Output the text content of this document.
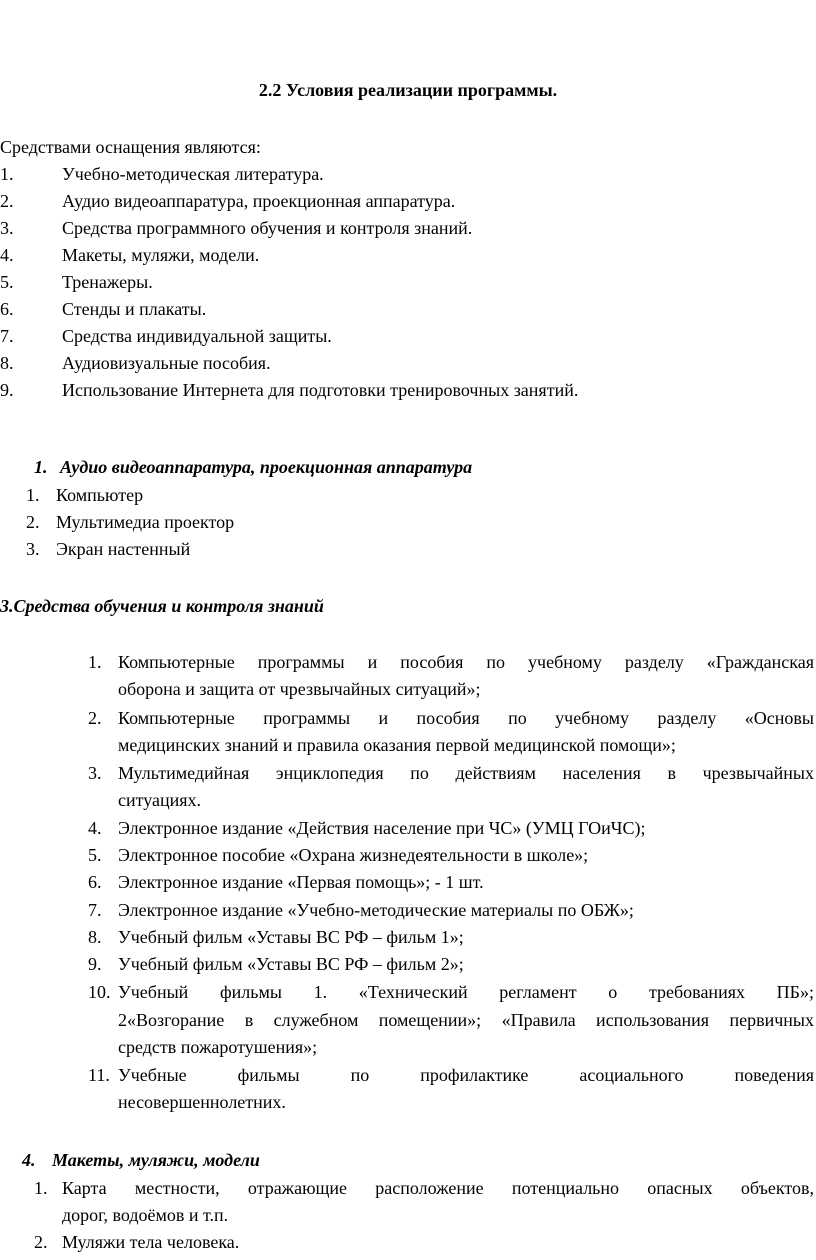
2.2 Условия реализации программы.
Средствами оснащения являются:
1.	Учебно-методическая литература.
2.	Аудио видеоаппаратура, проекционная аппаратура.
3.	Средства программного обучения и контроля знаний.
4.	Макеты, муляжи, модели.
5.	Тренажеры.
6.	Стенды и плакаты.
7.	Средства индивидуальной защиты.
8.	Аудиовизуальные пособия.
9.	Использование Интернета для подготовки тренировочных занятий.
1. Аудио видеоаппаратура, проекционная аппаратура
1. Компьютер
2. Мультимедиа проектор
3. Экран настенный
3.Средства обучения и контроля знаний
1. Компьютерные программы и пособия по учебному разделу «Гражданская
оборона и защита от чрезвычайных ситуаций»;
2. Компьютерные программы и пособия по учебному разделу «Основы
медицинских знаний и правила оказания первой медицинской помощи»;
3. Мультимедийная энциклопедия по действиям населения в чрезвычайных
ситуациях.
4. Электронное издание «Действия население при ЧС» (УМЦ ГОиЧС);
5. Электронное пособие «Охрана жизнедеятельности в школе»;
6. Электронное издание «Первая помощь»; - 1 шт.
7. Электронное издание «Учебно-методические материалы по ОБЖ»;
8. Учебный фильм «Уставы ВС РФ – фильм 1»;
9. Учебный фильм «Уставы ВС РФ – фильм 2»;
10. Учебный фильмы 1. «Технический регламент о требованиях ПБ»;
2«Возгорание в служебном помещении»; «Правила использования первичных
средств пожаротушения»;
11. Учебные фильмы по профилактике асоциального поведения
несовершеннолетних.
4. Макеты, муляжи, модели
1. Карта местности, отражающие расположение потенциально опасных объектов,
дорог, водоёмов и т.п.
2. Муляжи тела человека.
